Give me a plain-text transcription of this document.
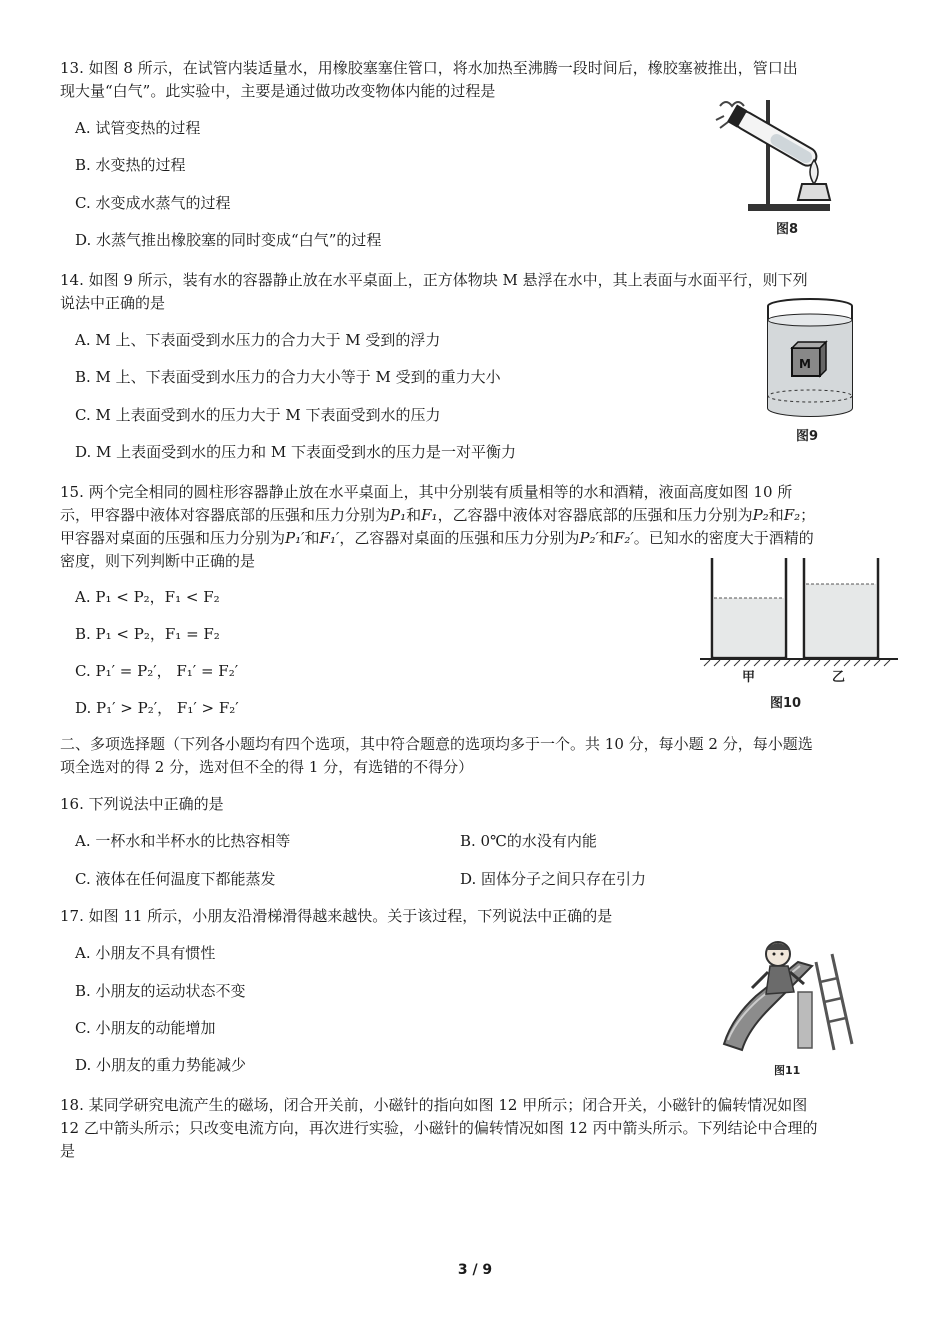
13. 如图 8 所示，在试管内装适量水，用橡胶塞塞住管口，将水加热至沸腾一段时间后，橡胶塞被推出，管口出
现大量“白气”。此实验中，主要是通过做功改变物体内能的过程是
A. 试管变热的过程
B. 水变热的过程
C. 水变成水蒸气的过程
D. 水蒸气推出橡胶塞的同时变成“白气”的过程
图8
14. 如图 9 所示，装有水的容器静止放在水平桌面上，正方体物块 M 悬浮在水中，其上表面与水面平行，则下列
说法中正确的是
A. M 上、下表面受到水压力的合力大于 M 受到的浮力
B. M 上、下表面受到水压力的合力大小等于 M 受到的重力大小
C. M 上表面受到水的压力大于 M 下表面受到水的压力
D. M 上表面受到水的压力和 M 下表面受到水的压力是一对平衡力
M
图9
15. 两个完全相同的圆柱形容器静止放在水平桌面上，其中分别装有质量相等的水和酒精，液面高度如图 10 所
示，甲容器中液体对容器底部的压强和压力分别为P₁和F₁，乙容器中液体对容器底部的压强和压力分别为P₂和F₂；
甲容器对桌面的压强和压力分别为P₁′和F₁′，乙容器对桌面的压强和压力分别为P₂′和F₂′。已知水的密度大于酒精的
密度，则下列判断中正确的是
A. P₁ < P₂，F₁ < F₂
B. P₁ < P₂，F₁ = F₂
C. P₁′ = P₂′， F₁′ = F₂′
D. P₁′ > P₂′， F₁′ > F₂′
甲	乙
图10
二、多项选择题（下列各小题均有四个选项，其中符合题意的选项均多于一个。共 10 分，每小题 2 分，每小题选
项全选对的得 2 分，选对但不全的得 1 分，有选错的不得分）
16. 下列说法中正确的是
A. 一杯水和半杯水的比热容相等	B. 0℃的水没有内能
C. 液体在任何温度下都能蒸发	D. 固体分子之间只存在引力
17. 如图 11 所示，小朋友沿滑梯滑得越来越快。关于该过程，下列说法中正确的是
A. 小朋友不具有惯性
B. 小朋友的运动状态不变
C. 小朋友的动能增加
D. 小朋友的重力势能减少	图11
18. 某同学研究电流产生的磁场，闭合开关前，小磁针的指向如图 12 甲所示；闭合开关，小磁针的偏转情况如图
12 乙中箭头所示；只改变电流方向，再次进行实验，小磁针的偏转情况如图 12 丙中箭头所示。下列结论中合理的
是
3 / 9
